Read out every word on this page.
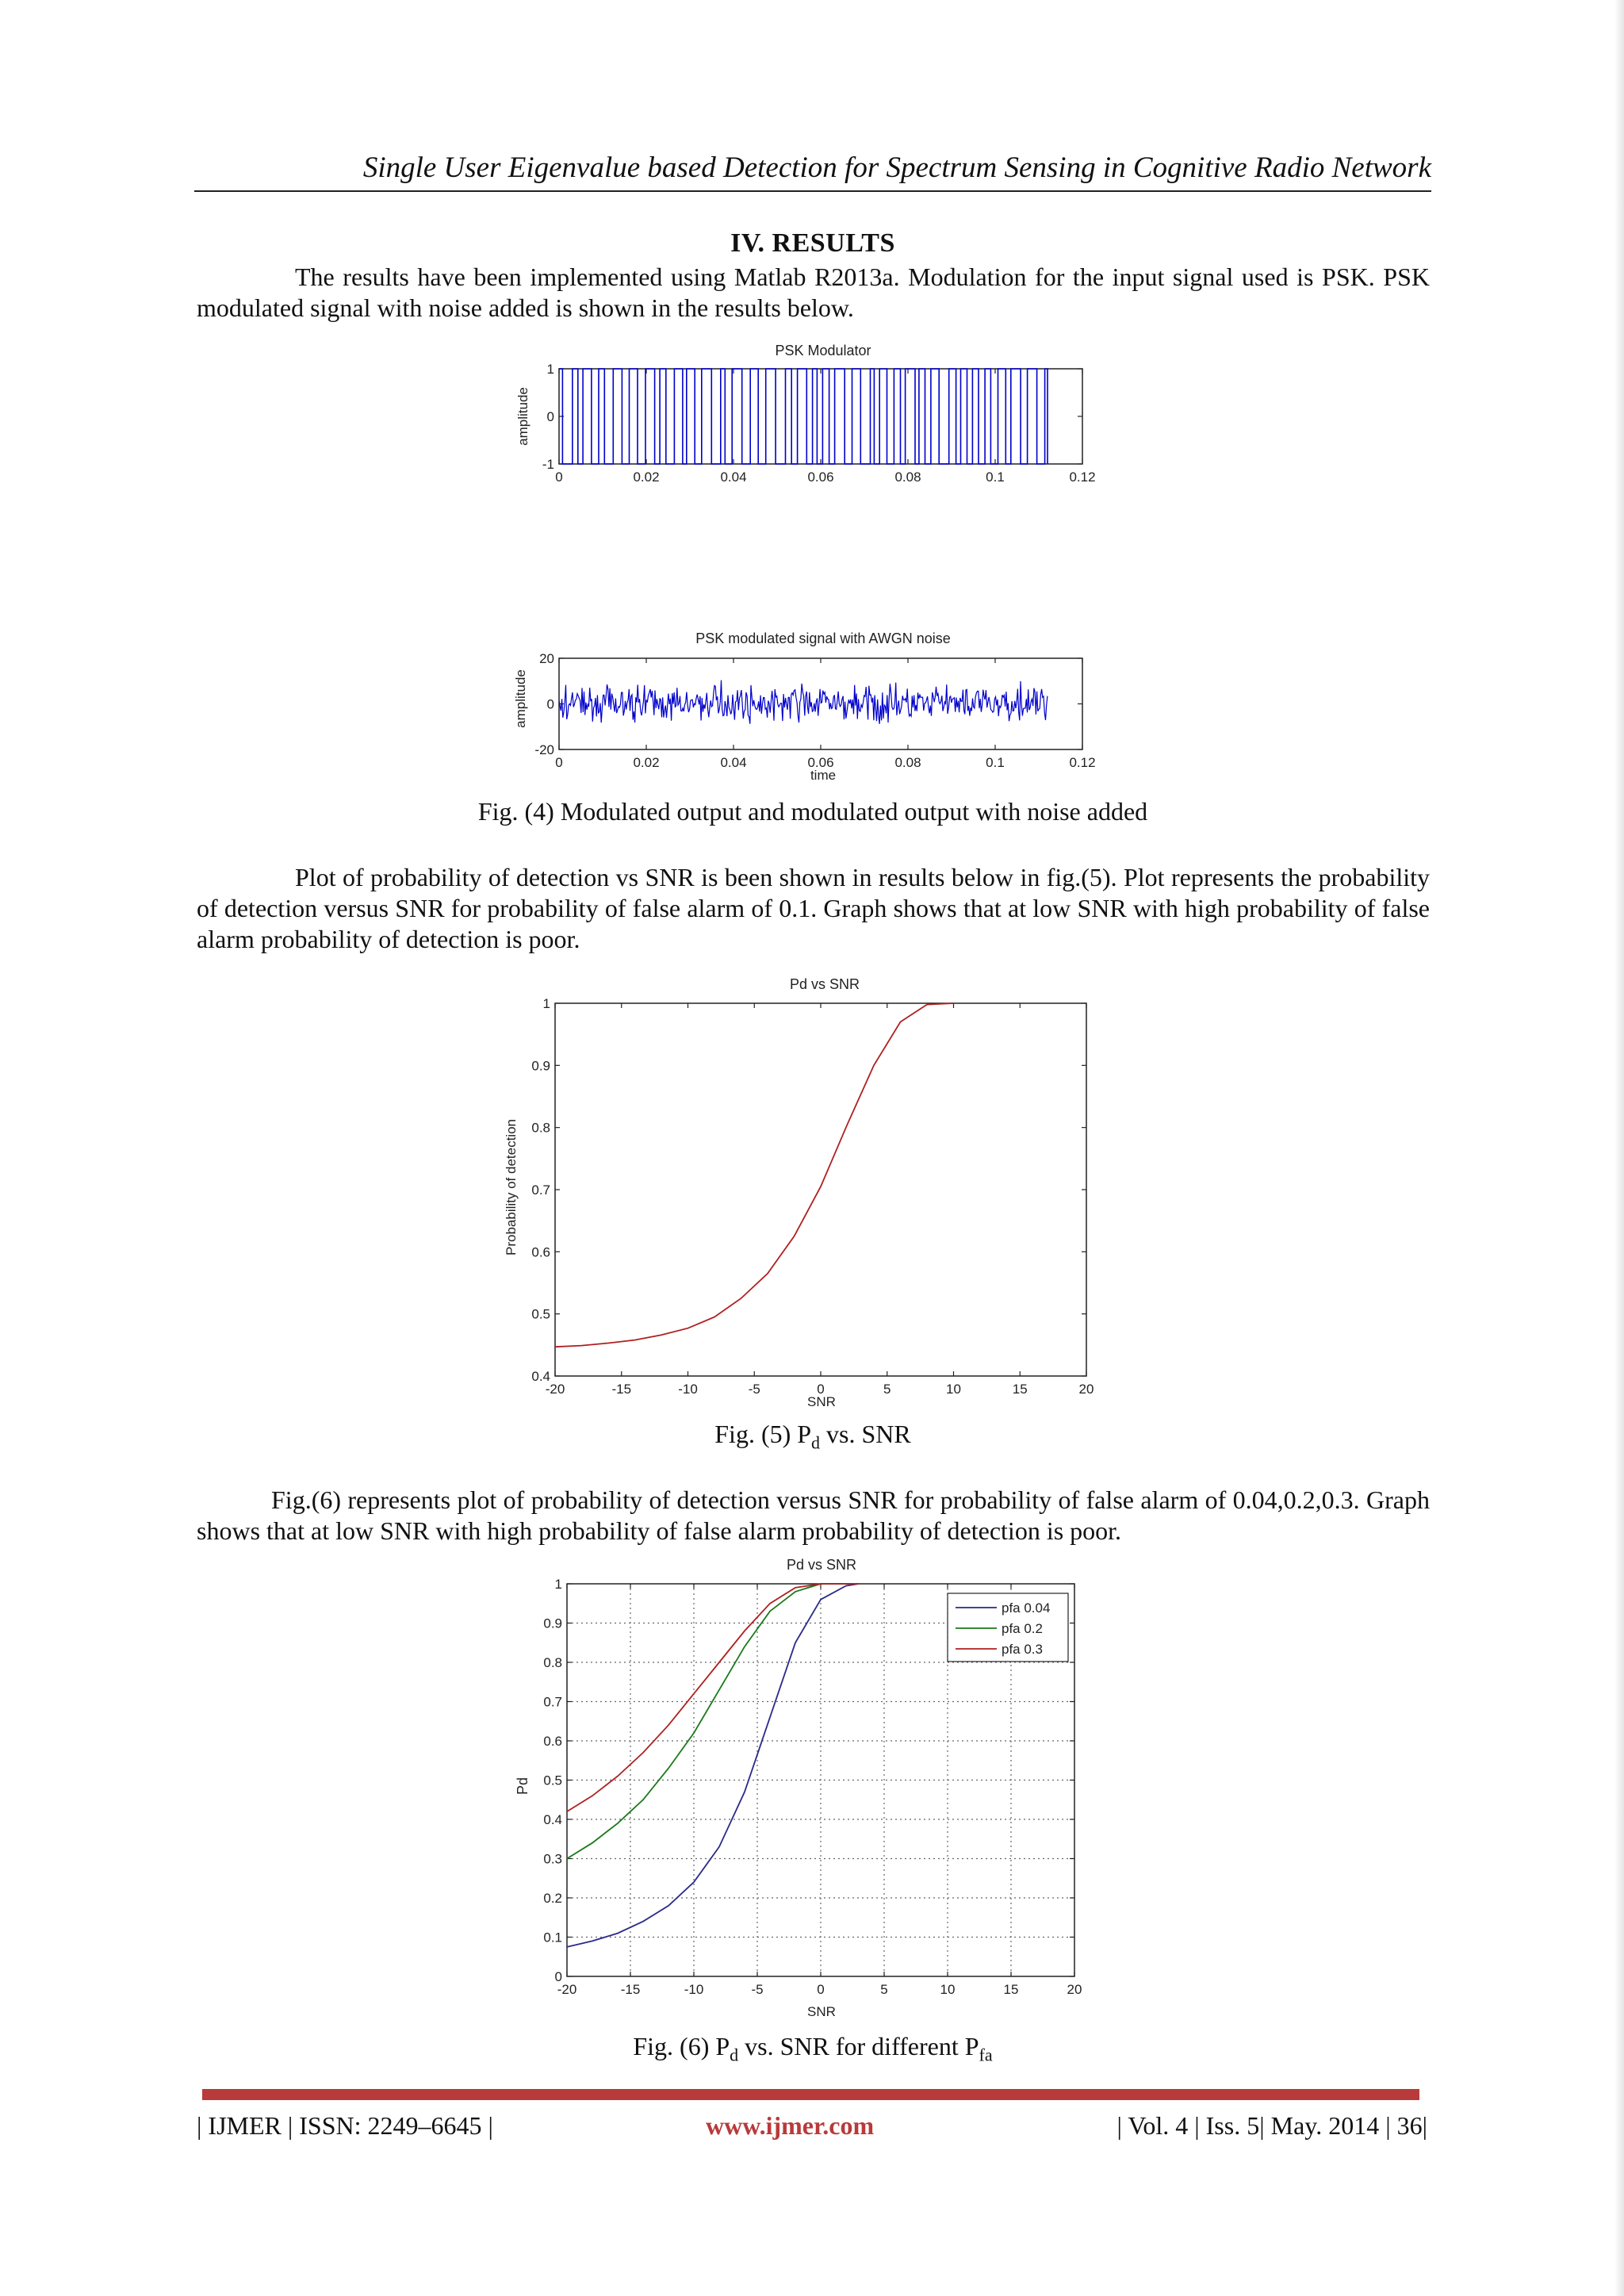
Single User Eigenvalue based Detection for Spectrum Sensing in Cognitive Radio Network
IV. RESULTS
The results have been implemented using Matlab R2013a. Modulation for the input signal used is PSK. PSK modulated signal with noise added is shown in the results below.
PSK Modulator
amplitude
0	0.02	0.04	0.06	0.08	0.1	0.12
-1
0
1
PSK modulated signal with AWGN noise
amplitude
time
0	0.02	0.04	0.06	0.08	0.1	0.12
-20
0
20
Fig. (4) Modulated output and modulated output with noise added
Plot of probability of detection vs SNR is been shown in results below in fig.(5). Plot represents the probability of detection versus SNR for probability of false alarm of 0.1. Graph shows that at low SNR with high probability of false alarm probability of detection is poor.
Pd vs SNR
Probability of detection
SNR
-20	-15	-10	-5	0	5	10	15	20
0.4
0.5
0.6
0.7
0.8
0.9
1
Fig. (5) $P_d$ vs. SNR
Fig.(6) represents plot of probability of detection versus SNR for probability of false alarm of 0.04,0.2,0.3. Graph shows that at low SNR with high probability of false alarm probability of detection is poor.
Pd vs SNR
Pd
SNR
-20	-15	-10	-5	0	5	10	15	20
0
0.1
0.2
0.3
0.4
0.5
0.6
0.7
0.8
0.9
1
pfa 0.04
pfa 0.2
pfa 0.3
Fig. (6) $P_d$ vs. SNR for different $P_{fa}$
| IJMER | ISSN: 2249–6645 |	www.ijmer.com	| Vol. 4 | Iss. 5| May. 2014 | 36|
